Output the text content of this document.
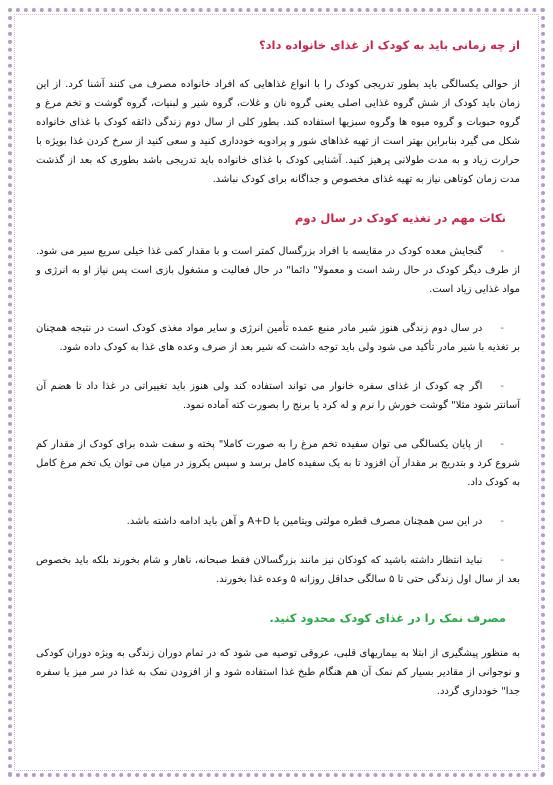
از چه زمانی باید به کودک از غذای خانواده داد؟

از حوالی یکسالگی باید بطور تدریجی کودک را با انواع غذاهایی که افراد خانواده مصرف می کنند آشنا کرد. از این زمان باید کودک از شش گروه غذایی اصلی یعنی گروه نان و غلات، گروه شیر و لبنیات، گروه گوشت و تخم مرغ و گروه حبوبات و گروه میوه ها وگروه سبزیها استفاده کند. بطور کلی از سال دوم زندگی ذائقه کودک با غذای خانواده شکل می گیرد بنابراین بهتر است از تهیه غذاهای شور و پرادویه خودداری کنید و سعی کنید از سرخ کردن غذا بویژه با حرارت زیاد و به مدت طولانی پرهیز کنید. آشنایی کودک با غذای خانواده باید تدریجی باشد بطوری که بعد از گذشت مدت زمان کوتاهی نیاز به تهیه غذای مخصوص و جداگانه برای کودک نباشد.

نکات مهم در تغذیه کودک در سال دوم

-گنجایش معده کودک در مقایسه با افراد بزرگسال کمتر است و با مقدار کمی غذا خیلی سریع سیر می شود. از طرف دیگر کودک در حال رشد است و معمولا" دائما" در حال فعالیت و مشغول بازی است پس نیاز او به انرژی و مواد غذایی زیاد است.

-در سال دوم زندگی هنوز شیر مادر منبع عمده تأمین انرژی و سایر مواد مغذی کودک است در نتیجه همچنان بر تغذیه با شیر مادر تأکید می شود ولی باید توجه داشت که شیر بعد از صرف وعده های غذا به کودک داده شود.

-اگر چه کودک از غذای سفره خانوار می تواند استفاده کند ولی هنوز باید تغییراتی در غذا داد تا هضم آن آسانتر شود مثلا" گوشت خورش را نرم و له کرد یا برنج را بصورت کته آماده نمود.

-از پایان یکسالگی می توان سفیده تخم مرغ را به صورت کاملا" پخته و سفت شده برای کودک از مقدار کم شروع کرد و بتدریج بر مقدار آن افزود تا به یک سفیده کامل برسد و سپس یکروز در میان می توان یک تخم مرغ کامل به کودک داد.

-در این سن همچنان مصرف قطره مولتی ویتامین یا A+D و آهن باید ادامه داشته باشد.

-نباید انتظار داشته باشید که کودکان نیز مانند بزرگسالان فقط صبحانه، ناهار و شام بخورند بلکه باید بخصوص بعد از سال اول زندگی حتی تا ۵ سالگی حداقل روزانه ۵ وعده غذا بخورند.

مصرف نمک را در غذای کودک محدود کنید.

به منظور پیشگیری از ابتلا به بیماریهای قلبی، عروقی توصیه می شود که در تمام دوران زندگی به ویژه دوران کودکی و نوجوانی از مقادیر بسیار کم نمک آن هم هنگام طبخ غذا استفاده شود و از افزودن نمک به غذا در سر میز یا سفره جدا" خودداری گردد.
